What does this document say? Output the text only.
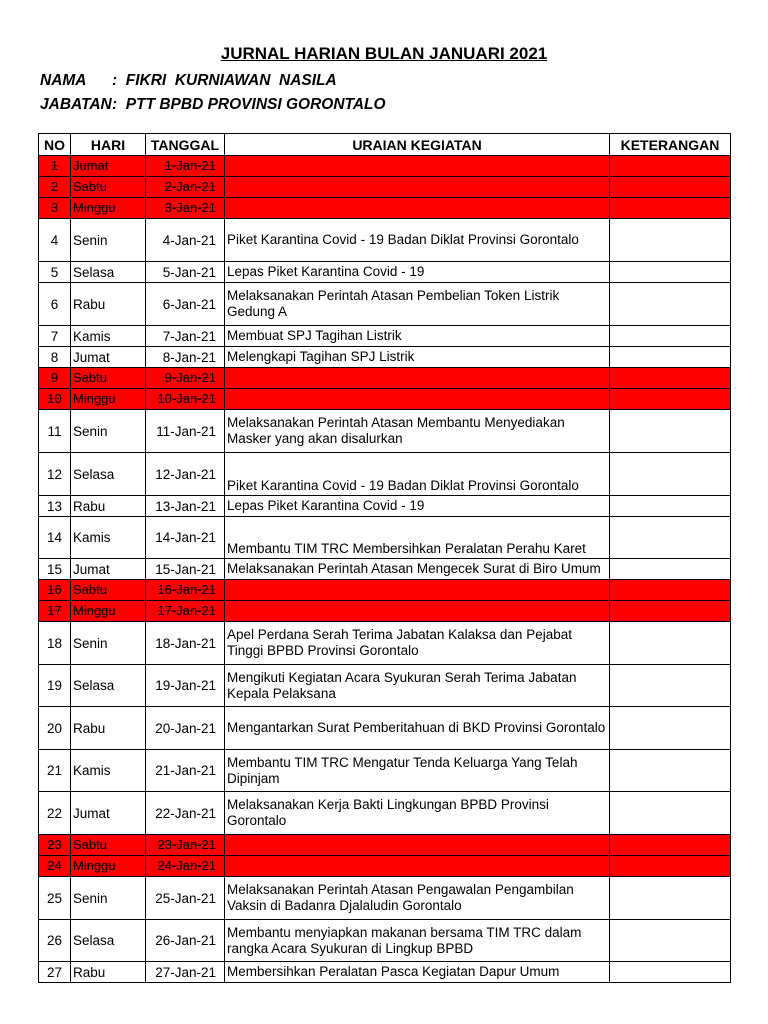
JURNAL HARIAN BULAN JANUARI 2021
NAMA :  FIKRI  KURNIAWAN  NASILA
JABATAN:  PTT BPBD PROVINSI GORONTALO
NO	HARI	TANGGAL	URAIAN KEGIATAN	KETERANGAN
1	Jumat	1-Jan-21		
2	Sabtu	2-Jan-21		
3	Minggu	3-Jan-21		
4	Senin	4-Jan-21	Piket Karantina Covid - 19 Badan Diklat Provinsi Gorontalo	
5	Selasa	5-Jan-21	Lepas Piket Karantina Covid - 19	
6	Rabu	6-Jan-21	Melaksanakan Perintah Atasan Pembelian Token Listrik Gedung A	
7	Kamis	7-Jan-21	Membuat SPJ Tagihan Listrik	
8	Jumat	8-Jan-21	Melengkapi Tagihan SPJ Listrik	
9	Sabtu	9-Jan-21		
10	Minggu	10-Jan-21		
11	Senin	11-Jan-21	Melaksanakan Perintah Atasan Membantu Menyediakan Masker yang akan disalurkan	
12	Selasa	12-Jan-21	Piket Karantina Covid - 19 Badan Diklat Provinsi Gorontalo	
13	Rabu	13-Jan-21	Lepas Piket Karantina Covid - 19	
14	Kamis	14-Jan-21	Membantu TIM TRC Membersihkan Peralatan Perahu Karet	
15	Jumat	15-Jan-21	Melaksanakan Perintah Atasan Mengecek Surat di Biro Umum	
16	Sabtu	16-Jan-21		
17	Minggu	17-Jan-21		
18	Senin	18-Jan-21	Apel Perdana Serah Terima Jabatan Kalaksa dan Pejabat Tinggi BPBD Provinsi Gorontalo	
19	Selasa	19-Jan-21	Mengikuti Kegiatan Acara Syukuran Serah Terima Jabatan Kepala Pelaksana	
20	Rabu	20-Jan-21	Mengantarkan Surat Pemberitahuan di BKD Provinsi Gorontalo	
21	Kamis	21-Jan-21	Membantu TIM TRC Mengatur Tenda Keluarga Yang Telah Dipinjam	
22	Jumat	22-Jan-21	Melaksanakan Kerja Bakti Lingkungan BPBD Provinsi Gorontalo	
23	Sabtu	23-Jan-21		
24	Minggu	24-Jan-21		
25	Senin	25-Jan-21	Melaksanakan Perintah Atasan Pengawalan Pengambilan Vaksin di Badanra Djalaludin Gorontalo	
26	Selasa	26-Jan-21	Membantu menyiapkan makanan bersama TIM TRC dalam rangka Acara Syukuran di Lingkup BPBD	
27	Rabu	27-Jan-21	Membersihkan Peralatan Pasca Kegiatan Dapur Umum	
